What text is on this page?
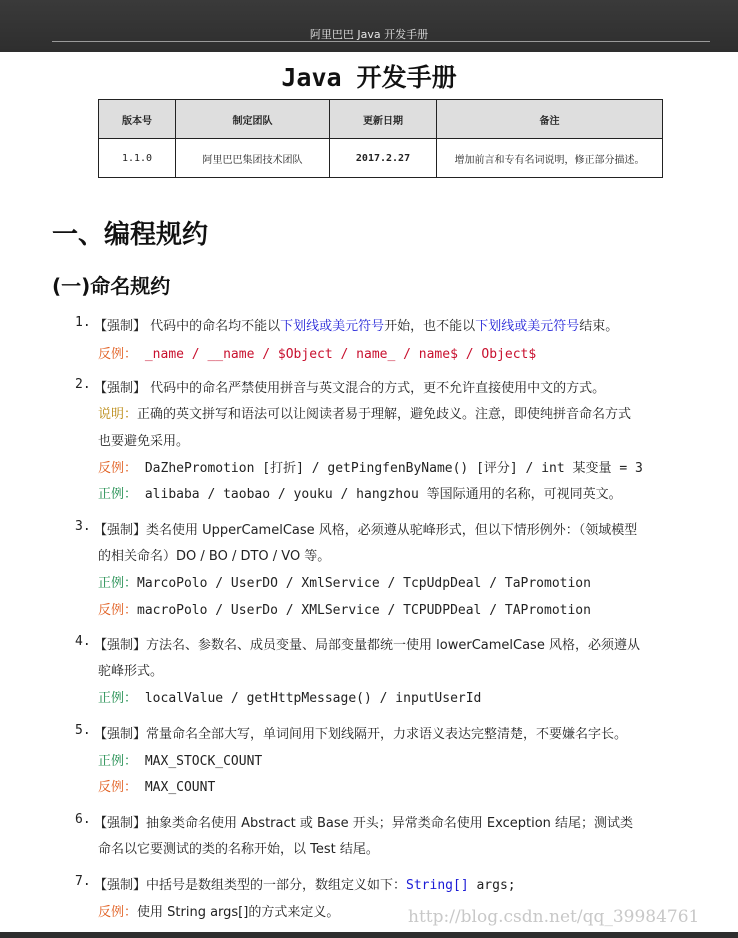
阿里巴巴 Java 开发手册
Java 开发手册
版本号	制定团队	更新日期	备注
1.1.0	阿里巴巴集团技术团队	2017.2.27	增加前言和专有名词说明，修正部分描述。
一、编程规约
(一)命名规约
1. 【强制】 代码中的命名均不能以下划线或美元符号开始，也不能以下划线或美元符号结束。
反例： _name / __name / $Object / name_ / name$ / Object$
2. 【强制】 代码中的命名严禁使用拼音与英文混合的方式，更不允许直接使用中文的方式。
说明：正确的英文拼写和语法可以让阅读者易于理解，避免歧义。注意，即使纯拼音命名方式
也要避免采用。
反例： DaZhePromotion [打折] / getPingfenByName() [评分] / int 某变量 = 3
正例： alibaba / taobao / youku / hangzhou 等国际通用的名称，可视同英文。
3. 【强制】类名使用 UpperCamelCase 风格，必须遵从驼峰形式，但以下情形例外：（领域模型
的相关命名）DO / BO / DTO / VO 等。
正例：MarcoPolo / UserDO / XmlService / TcpUdpDeal / TaPromotion
反例：macroPolo / UserDo / XMLService / TCPUDPDeal / TAPromotion
4. 【强制】方法名、参数名、成员变量、局部变量都统一使用 lowerCamelCase 风格，必须遵从
驼峰形式。
正例： localValue / getHttpMessage() / inputUserId
5. 【强制】常量命名全部大写，单词间用下划线隔开，力求语义表达完整清楚，不要嫌名字长。
正例： MAX_STOCK_COUNT
反例： MAX_COUNT
6. 【强制】抽象类命名使用 Abstract 或 Base 开头；异常类命名使用 Exception 结尾；测试类
命名以它要测试的类的名称开始，以 Test 结尾。
7. 【强制】中括号是数组类型的一部分，数组定义如下：String[] args;
反例：使用 String args[]的方式来定义。	http://blog.csdn.net/qq_39984761
